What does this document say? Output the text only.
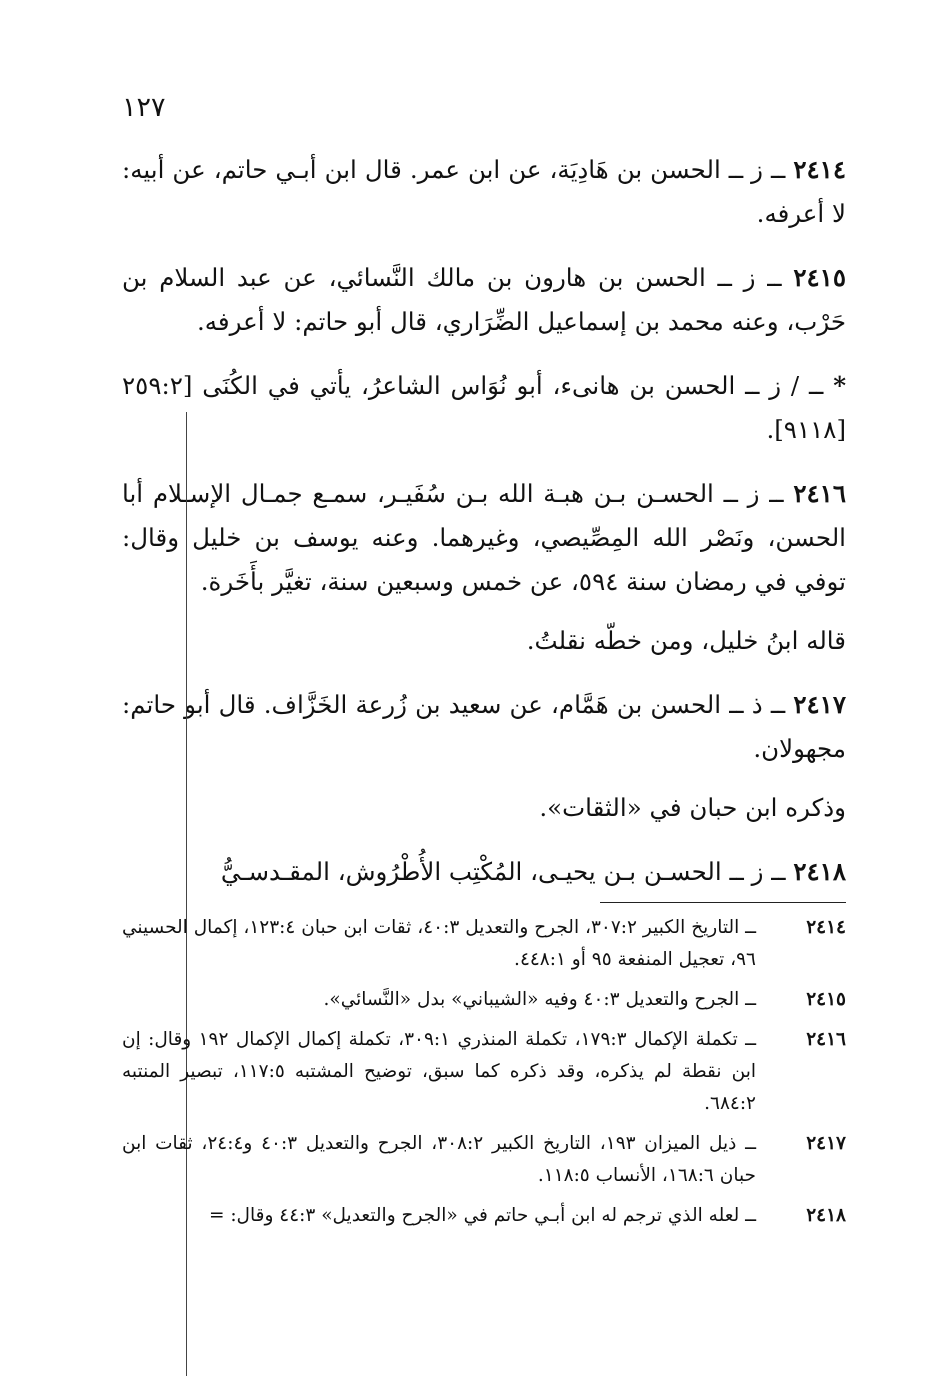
١٢٧

٢٤١٤ ــ ز ــ الحسن بن هَادِيَة، عن ابن عمر. قال ابن أبـي حاتم، عن أبيه: لا أعرفه.

٢٤١٥ ــ ز ــ الحسن بن هارون بن مالك النَّسائي، عن عبد السلام بن حَرْب، وعنه محمد بن إسماعيل الضِّرَاري، قال أبو حاتم: لا أعرفه.

* ــ / ز ــ الحسن بن هانىء، أبو نُوَاس الشاعرُ، يأتي في الكُنَى [٢٥٩:٢ [٩١١٨].

٢٤١٦ ــ ز ــ الحسـن بـن هبـة الله بـن سُفَيـر، سمـع جمـال الإسـلام أبا الحسن، ونَصْر الله المِصِّيصي، وغيرهما. وعنه يوسف بن خليل وقال: توفي في رمضان سنة ٥٩٤، عن خمس وسبعين سنة، تغيَّر بأَخَرة.

قاله ابنُ خليل، ومن خطّه نقلتُ.

٢٤١٧ ــ ذ ــ الحسن بن هَمَّام، عن سعيد بن زُرعة الخَزَّاف. قال أبو حاتم: مجهولان.

وذكره ابن حبان في «الثقات».

٢٤١٨ ــ ز ــ الحسـن بـن يحيـى، المُكْتِب الأُطْرُوش، المقـدسـيُّ

٢٤١٤
ــ التاريخ الكبير ٣٠٧:٢، الجرح والتعديل ٤٠:٣، ثقات ابن حبان ١٢٣:٤، إكمال الحسيني ٩٦، تعجيل المنفعة ٩٥ أو ٤٤٨:١.
٢٤١٥
ــ الجرح والتعديل ٤٠:٣ وفيه «الشيباني» بدل «النَّسائي».
٢٤١٦
ــ تكملة الإكمال ١٧٩:٣، تكملة المنذري ٣٠٩:١، تكملة إكمال الإكمال ١٩٢ وقال: إن ابن نقطة لم يذكره، وقد ذكره كما سبق، توضيح المشتبه ١١٧:٥، تبصير المنتبه ٦٨٤:٢.
٢٤١٧
ــ ذيل الميزان ١٩٣، التاريخ الكبير ٣٠٨:٢، الجرح والتعديل ٤٠:٣ و٢٤:٤، ثقات ابن حبان ١٦٨:٦، الأنساب ١١٨:٥.
٢٤١٨
ــ لعله الذي ترجم له ابن أبـي حاتم في «الجرح والتعديل» ٤٤:٣ وقال: =
